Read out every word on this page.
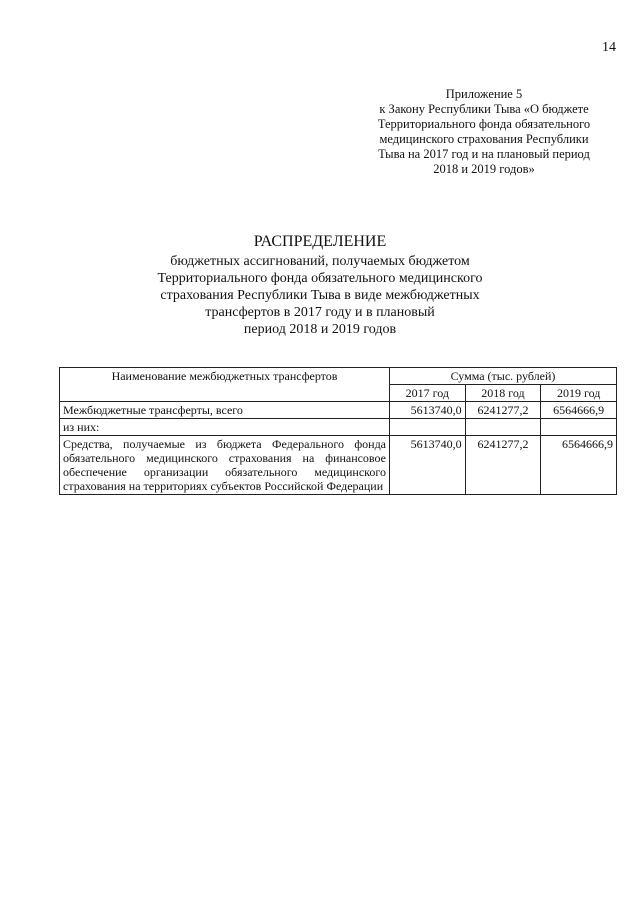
14
Приложение 5
к Закону Республики Тыва «О бюджете
Территориального фонда обязательного
медицинского страхования Республики
Тыва на 2017 год и на плановый период
2018 и 2019 годов»
РАСПРЕДЕЛЕНИЕ
бюджетных ассигнований, получаемых бюджетом
Территориального фонда обязательного медицинского
страхования Республики Тыва в виде межбюджетных
трансфертов в 2017 году и в плановый
период 2018 и 2019 годов
Наименование межбюджетных трансфертов	Сумма (тыс. рублей)		
	2017 год	2018 год	2019 год
Межбюджетные трансферты, всего	5613740,0	6241277,2	6564666,9
из них:			
Средства, получаемые из бюджета Федерального фонда обязательного медицинского страхования на финансовое обеспечение организации обязательного медицинского страхования на территориях субъектов Российской Федерации	5613740,0	6241277,2	6564666,9
